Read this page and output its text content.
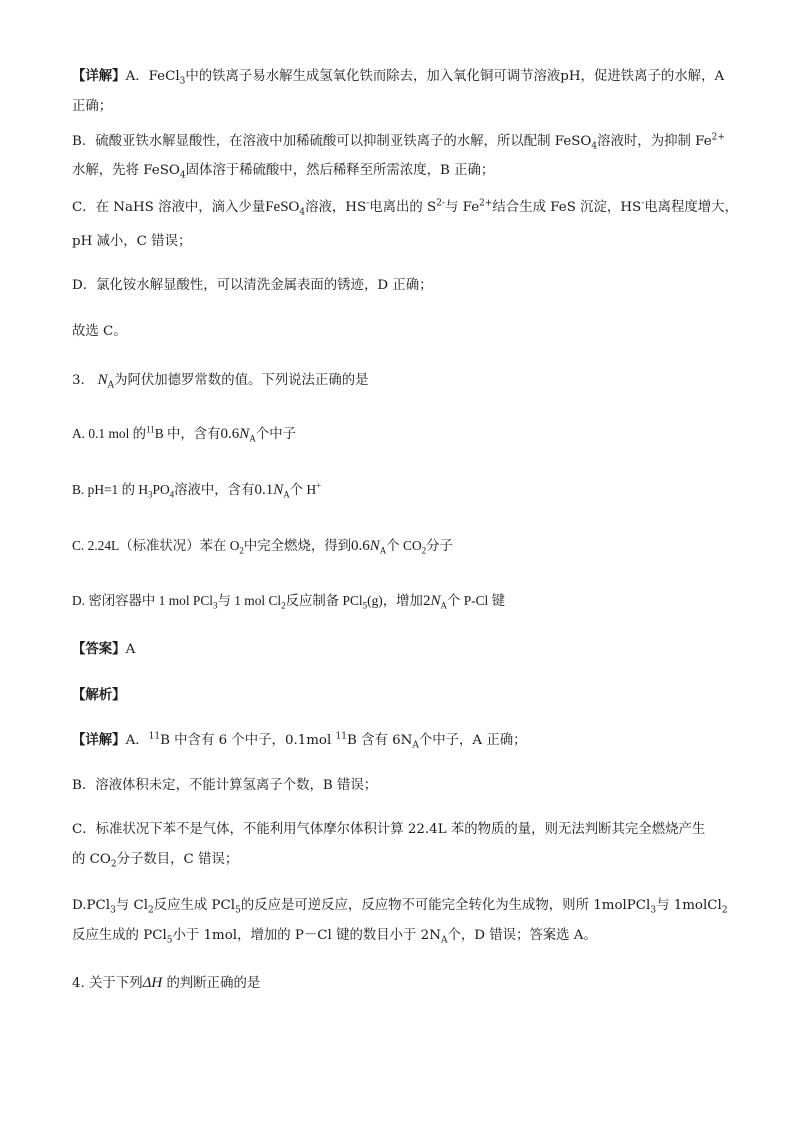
【详解】A．FeCl$_3$中的铁离子易水解生成氢氧化铁而除去，加入氧化铜可调节溶液pH，促进铁离子的水解，A
正确；
B．硫酸亚铁水解显酸性，在溶液中加稀硫酸可以抑制亚铁离子的水解，所以配制 FeSO$_4$溶液时，为抑制 $Fe^{2+}$
水解，先将 FeSO$_4$固体溶于稀硫酸中，然后稀释至所需浓度，B 正确；
C．在 NaHS 溶液中，滴入少量FeSO$_4$溶液，HS-电离出的 $S^{2-}$与 $Fe^{2+}$结合生成 FeS 沉淀，HS-电离程度增大，
pH 减小，C 错误；
D．氯化铵水解显酸性，可以清洗金属表面的锈迹，D 正确；
故选 C。
3. $N_A$为阿伏加德罗常数的值。下列说法正确的是
A. 0.1 mol 的$^{11}$B 中，含有$0.6N_A$个中子
B. pH=1 的 $H_3PO_4$溶液中，含有$0.1N_A$个 H+
C. 2.24L（标准状况）苯在 $O_2$中完全燃烧，得到$0.6N_A$个 $CO_2$分子
D. 密闭容器中 1 mol PCl$_3$与 1 mol $Cl_2$反应制备 PCl$_5$(g)，增加$2N_A$个 P-Cl 键
【答案】A
【解析】
【详解】A．$^{11}$B 中含有 6 个中子，0.1mol $^{11}$B 含有 $6N_A$个中子，A 正确；
B．溶液体积未定，不能计算氢离子个数，B 错误；
C．标准状况下苯不是气体，不能利用气体摩尔体积计算 22.4L 苯的物质的量，则无法判断其完全燃烧产生
的 $CO_2$分子数目，C 错误；
D.PCl$_3$与 $Cl_2$反应生成 PCl$_5$的反应是可逆反应，反应物不可能完全转化为生成物，则所 1molPCl$_3$与 1molCl$_2$
反应生成的 PCl$_5$小于 1mol，增加的 P－Cl 键的数目小于 $2N_A$个，D 错误；答案选 A。
4. 关于下列ΔH 的判断正确的是
